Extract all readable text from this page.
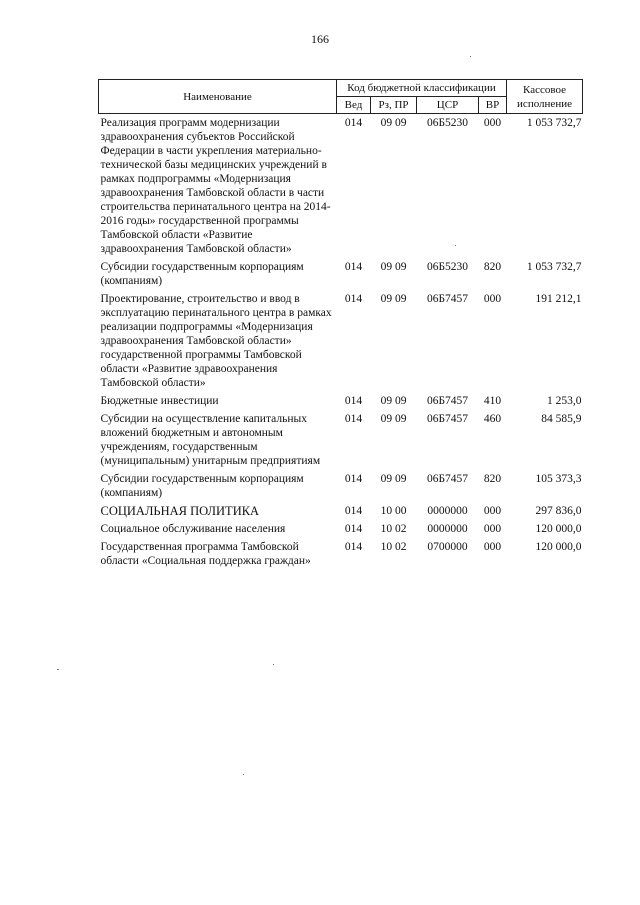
166
Наименование	Код бюджетной классификации				Кассовое
исполнение
	Вед	Рз, ПР	ЦСР	ВР	
Реализация программ модернизации здравоохранения субъектов Российской Федерации в части укрепления материально-технической базы медицинских учреждений в рамках подпрограммы «Модернизация здравоохранения Тамбовской области в части строительства перинатального центра на 2014-2016 годы» государственной программы Тамбовской области «Развитие здравоохранения Тамбовской области»	014	09 09	06Б5230	000	1 053 732,7
Субсидии государственным корпорациям (компаниям)	014	09 09	06Б5230	820	1 053 732,7
Проектирование, строительство и ввод в эксплуатацию перинатального центра в рамках реализации подпрограммы «Модернизация здравоохранения Тамбовской области» государственной программы Тамбовской области «Развитие здравоохранения Тамбовской области»	014	09 09	06Б7457	000	191 212,1
Бюджетные инвестиции	014	09 09	06Б7457	410	1 253,0
Субсидии на осуществление капитальных вложений бюджетным и автономным учреждениям, государственным (муниципальным) унитарным предприятиям	014	09 09	06Б7457	460	84 585,9
Субсидии государственным корпорациям (компаниям)	014	09 09	06Б7457	820	105 373,3
СОЦИАЛЬНАЯ ПОЛИТИКА	014	10 00	0000000	000	297 836,0
Социальное обслуживание населения	014	10 02	0000000	000	120 000,0
Государственная программа Тамбовской области «Социальная поддержка граждан»	014	10 02	0700000	000	120 000,0
